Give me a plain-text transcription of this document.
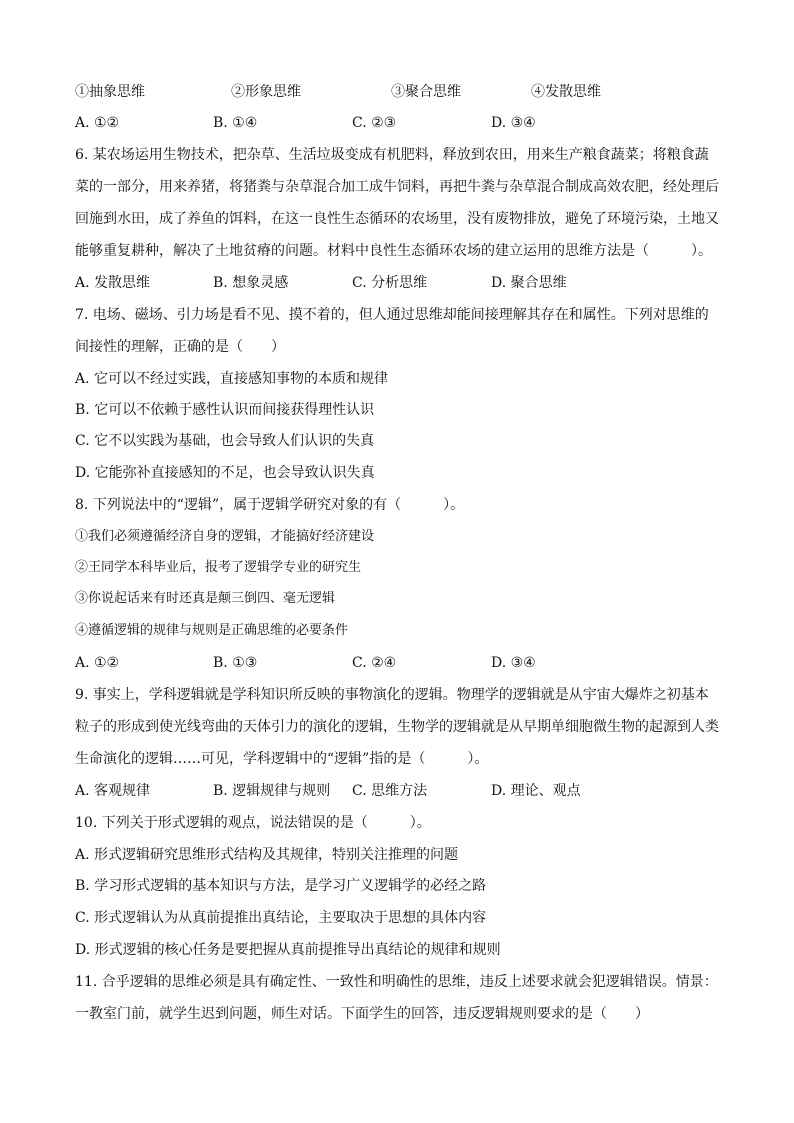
①抽象思维	②形象思维	③聚合思维	④发散思维
A. ①②	B. ①④	C. ②③	D. ③④
6. 某农场运用生物技术，把杂草、生活垃圾变成有机肥料，释放到农田，用来生产粮食蔬菜；将粮食蔬
菜的一部分，用来养猪，将猪粪与杂草混合加工成牛饲料，再把牛粪与杂草混合制成高效农肥，经处理后
回施到水田，成了养鱼的饵料，在这一良性生态循环的农场里，没有废物排放，避免了环境污染，土地又
能够重复耕种，解决了土地贫瘠的问题。材料中良性生态循环农场的建立运用的思维方法是（　　　）。
A. 发散思维	B. 想象灵感	C. 分析思维	D. 聚合思维
7. 电场、磁场、引力场是看不见、摸不着的，但人通过思维却能间接理解其存在和属性。下列对思维的
间接性的理解，正确的是（　　）
A. 它可以不经过实践，直接感知事物的本质和规律
B. 它可以不依赖于感性认识而间接获得理性认识
C. 它不以实践为基础，也会导致人们认识的失真
D. 它能弥补直接感知的不足，也会导致认识失真
8. 下列说法中的“逻辑”，属于逻辑学研究对象的有（　　　）。
①我们必须遵循经济自身的逻辑，才能搞好经济建设
②王同学本科毕业后，报考了逻辑学专业的研究生
③你说起话来有时还真是颠三倒四、毫无逻辑
④遵循逻辑的规律与规则是正确思维的必要条件
A. ①②	B. ①③	C. ②④	D. ③④
9. 事实上，学科逻辑就是学科知识所反映的事物演化的逻辑。物理学的逻辑就是从宇宙大爆炸之初基本
粒子的形成到使光线弯曲的天体引力的演化的逻辑，生物学的逻辑就是从早期单细胞微生物的起源到人类
生命演化的逻辑……可见，学科逻辑中的“逻辑”指的是（　　　）。
A. 客观规律	B. 逻辑规律与规则 C. 思维方法	D. 理论、观点
10. 下列关于形式逻辑的观点，说法错误的是（　　　）。
A. 形式逻辑研究思维形式结构及其规律，特别关注推理的问题
B. 学习形式逻辑的基本知识与方法，是学习广义逻辑学的必经之路
C. 形式逻辑认为从真前提推出真结论，主要取决于思想的具体内容
D. 形式逻辑的核心任务是要把握从真前提推导出真结论的规律和规则
11. 合乎逻辑的思维必须是具有确定性、一致性和明确性的思维，违反上述要求就会犯逻辑错误。情景：
一教室门前，就学生迟到问题，师生对话。下面学生的回答，违反逻辑规则要求的是（　　）
